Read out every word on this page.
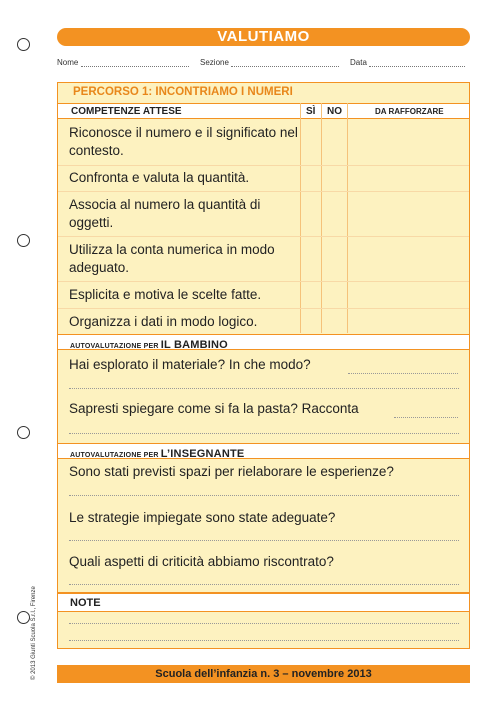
VALUTIAMO
Nome	Sezione	Data
PERCORSO 1: INCONTRIAMO I NUMERI
COMPETENZE ATTESE	SÌ NO	DA RAFFORZARE
Riconosce il numero e il significato nel contesto.
Confronta e valuta la quantità.
Associa al numero la quantità di oggetti.
Utilizza la conta numerica in modo adeguato.
Esplicita e motiva le scelte fatte.
Organizza i dati in modo logico.
AUTOVALUTAZIONE PER IL BAMBINO
Hai esplorato il materiale? In che modo?
Sapresti spiegare come si fa la pasta? Racconta
AUTOVALUTAZIONE PER L’INSEGNANTE
Sono stati previsti spazi per rielaborare le esperienze?
Le strategie impiegate sono state adeguate?
Quali aspetti di criticità abbiamo riscontrato?
NOTE
Scuola dell’infanzia n. 3 – novembre 2013
© 2013 Giunti Scuola S.r.l., Firenze
